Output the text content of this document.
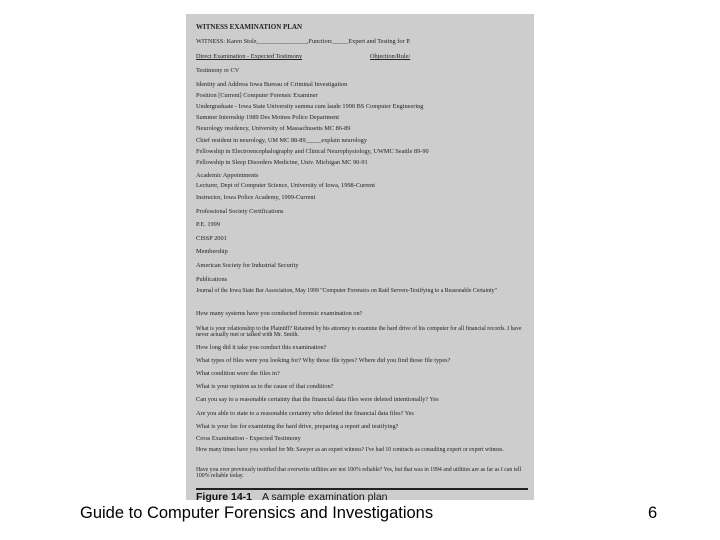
WITNESS EXAMINATION PLAN
WITNESS: Karen Stolz________________,Function:_____Expert and Testing for P.
Direct Examination - Expected Testimony	Objection/Rule/
Testimony re CV
Identity and Address Iowa Bureau of Criminal Investigation
Position [Current] Computer Forensic Examiner
Undergraduate - Iowa State University summa cum laude 1990 BS Computer Engineering
Summer Internship 1989 Des Moines Police Department
Neurology residency, University of Massachusetts MC 86-89
Chief resident in neurology, UM MC 88-89_____explain neurology
Fellowship in Electroencephalography and Clinical Neurophysiology, UWMC Seattle 89-90
Fellowship in Sleep Disorders Medicine, Univ. Michigan MC 90-91
Academic Appointments
Lecturer, Dept of Computer Science, University of Iowa, 1998-Current
Instructor, Iowa Police Academy, 1999-Current
Professional Society Certifications
P.E. 1999
CISSP 2001
Membership
American Society for Industrial Security
Publications
Journal of the Iowa State Bar Association, May 1999 "Computer Forensics on Raid Servers-Testifying to a Reasonable Certainty"
How many systems have you conducted forensic examination on?
What is your relationship to the Plaintiff? Retained by his attorney to examine the hard drive of his computer for all financial records. I have never actually met or talked with Mr. Smith.
How long did it take you conduct this examination?
What types of files were you looking for? Why those file types? Where did you find those file types?
What condition were the files in?
What is your opinion as to the cause of that condition?
Can you say to a reasonable certainty that the financial data files were deleted intentionally? Yes
Are you able to state to a reasonable certainty who deleted the financial data files? Yes
What is your fee for examining the hard drive, preparing a report and testifying?
Cross Examination - Expected Testimony
How many times have you worked for Mr. Sawyer as an expert witness? I've had 10 contracts as consulting expert or expert witness.
Have you ever previously testified that overwrite utilities are not 100% reliable? Yes, but that was in 1994 and utilities are as far as I can tell 100% reliable today.
Figure 14-1 A sample examination plan
Guide to Computer Forensics and Investigations	6
